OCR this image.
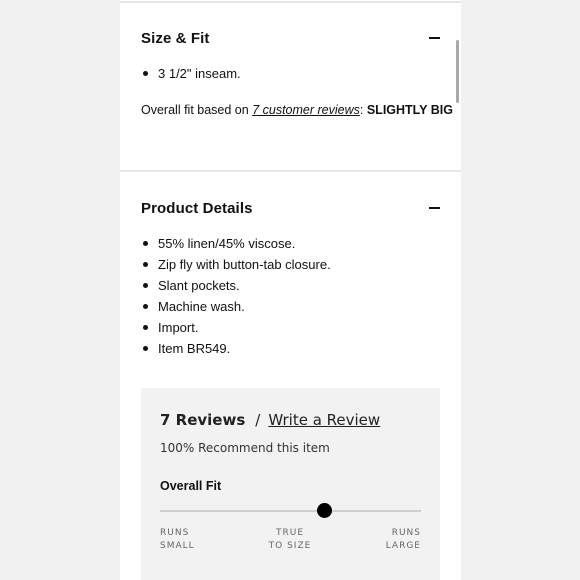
Size & Fit
3 1/2" inseam.
Overall fit based on 7 customer reviews: SLIGHTLY BIG
Product Details
55% linen/45% viscose.
Zip fly with button-tab closure.
Slant pockets.
Machine wash.
Import.
Item BR549.
7 Reviews / Write a Review
100% Recommend this item
Overall Fit
RUNS
SMALL
TRUE
TO SIZE
RUNS
LARGE
